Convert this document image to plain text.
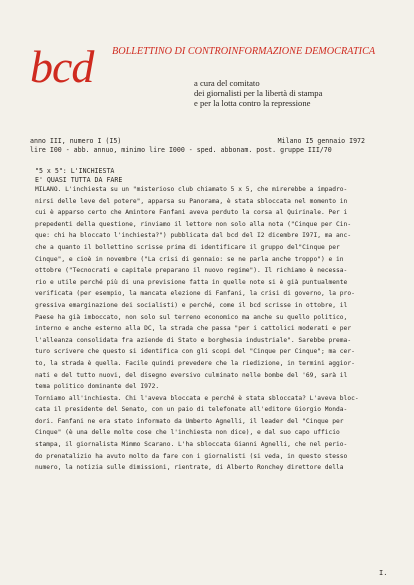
bcd BOLLETTINO DI CONTROINFORMAZIONE DEMOCRATICA
a cura del comitato
dei giornalisti per la libertà di stampa
e per la lotta contro la repressione
anno III, numero I (I5)	Milano I5 gennaio I972
lire I00 - abb. annuo, minimo lire I000 - sped. abbonam. post. gruppe III/70
"5 x 5": L'INCHIESTA
E' QUASI TUTTA DA FARE
MILANO. L'inchiesta su un "misterioso club chiamato 5 x 5, che mirerebbe a impadro-
nirsi delle leve del potere", apparsa su Panorama, è stata sbloccata nel momento in
cui è apparso certo che Amintore Fanfani aveva perduto la corsa al Quirinale. Per i
prepedenti della questione, rinviamo il lettore non solo alla nota ("Cinque per Cin-
que: chi ha bloccato l'inchiesta?") pubblicata dal bcd del I2 dicembre I97I, ma anc-
che a quanto il bollettino scrisse prima di identificare il gruppo del"Cinque per
Cinque", e cioè in novembre ("La crisi di gennaio: se ne parla anche troppo") e in
ottobre ("Tecnocrati e capitale preparano il nuovo regime"). Il richiamo è necessa-
rio e utile perché più di una previsione fatta in quelle note si è già puntualmente
verificata (per esempio, la mancata elezione di Fanfani, la crisi di governo, la pro-
gressiva emarginazione dei socialisti) e perché, come il bcd scrisse in ottobre, il
Paese ha già imboccato, non solo sul terreno economico ma anche su quello politico,
interno e anche esterno alla DC, la strada che passa "per i cattolici moderati e per
l'alleanza consolidata fra aziende di Stato e borghesia industriale". Sarebbe prema-
turo scrivere che questo si identifica con gli scopi del "Cinque per Cinque"; ma cer-
to, la strada è quella. Facile quindi prevedere che la riedizione, in termini aggior-
nati e del tutto nuovi, del disegno eversivo culminato nelle bombe del '69, sarà il
tema politico dominante del I972.
Torniamo all'inchiesta. Chi l'aveva bloccata e perché è stata sbloccata? L'aveva bloc-
cata il presidente del Senato, con un paio di telefonate all'editore Giorgio Monda-
dori. Fanfani ne era stato informato da Umberto Agnelli, il leader del "Cinque per
Cinque" (è una delle molte cose che l'inchiesta non dice), e dal suo capo ufficio
stampa, il giornalista Mimmo Scarano. L'ha sbloccata Gianni Agnelli, che nel perio-
do prenatalizio ha avuto molto da fare con i giornalisti (si veda, in questo stesso
numero, la notizia sulle dimissioni, rientrate, di Alberto Ronchey direttore della
I.
